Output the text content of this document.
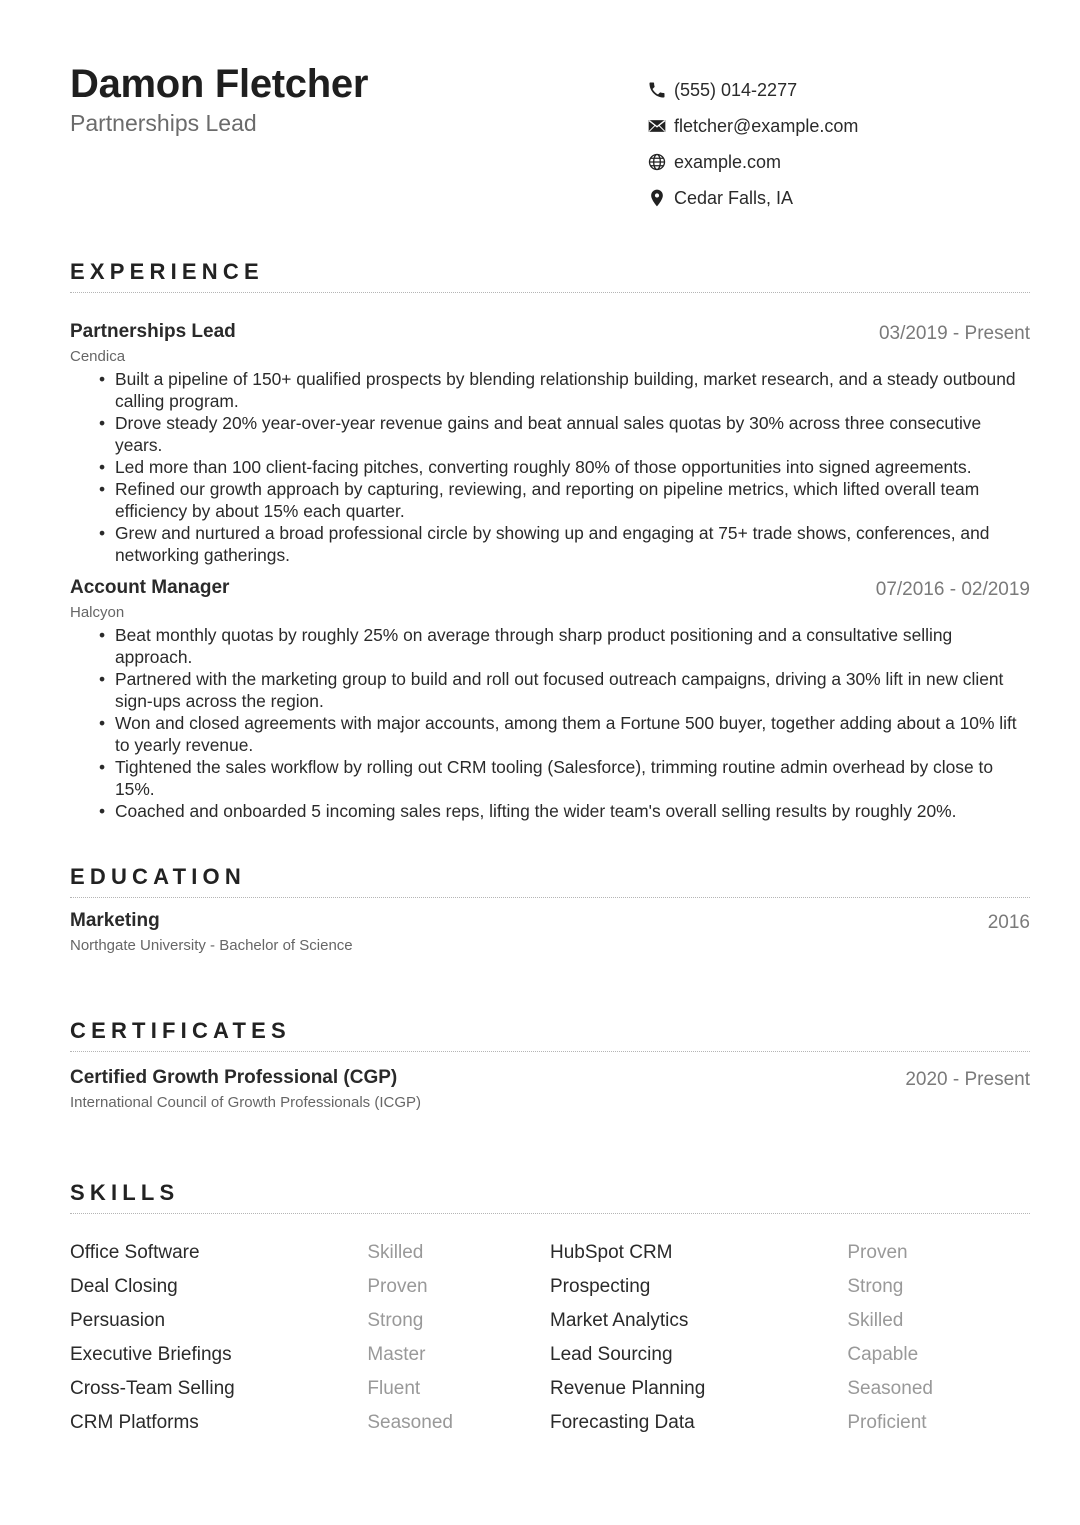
Damon Fletcher
Partnerships Lead
(555) 014-2277
fletcher@example.com
example.com
Cedar Falls, IA
EXPERIENCE
Partnerships Lead	03/2019 - Present
Cendica
• Built a pipeline of 150+ qualified prospects by blending relationship building, market research, and a steady outbound calling program.
• Drove steady 20% year-over-year revenue gains and beat annual sales quotas by 30% across three consecutive years.
• Led more than 100 client-facing pitches, converting roughly 80% of those opportunities into signed agreements.
• Refined our growth approach by capturing, reviewing, and reporting on pipeline metrics, which lifted overall team efficiency by about 15% each quarter.
• Grew and nurtured a broad professional circle by showing up and engaging at 75+ trade shows, conferences, and networking gatherings.
Account Manager	07/2016 - 02/2019
Halcyon
• Beat monthly quotas by roughly 25% on average through sharp product positioning and a consultative selling approach.
• Partnered with the marketing group to build and roll out focused outreach campaigns, driving a 30% lift in new client sign-ups across the region.
• Won and closed agreements with major accounts, among them a Fortune 500 buyer, together adding about a 10% lift to yearly revenue.
• Tightened the sales workflow by rolling out CRM tooling (Salesforce), trimming routine admin overhead by close to 15%.
• Coached and onboarded 5 incoming sales reps, lifting the wider team's overall selling results by roughly 20%.
EDUCATION
Marketing	2016
Northgate University - Bachelor of Science
CERTIFICATES
Certified Growth Professional (CGP)	2020 - Present
International Council of Growth Professionals (ICGP)
SKILLS
Office Software	Skilled	HubSpot CRM	Proven
Deal Closing	Proven	Prospecting	Strong
Persuasion	Strong	Market Analytics	Skilled
Executive Briefings	Master	Lead Sourcing	Capable
Cross-Team Selling	Fluent	Revenue Planning	Seasoned
CRM Platforms	Seasoned	Forecasting Data	Proficient
